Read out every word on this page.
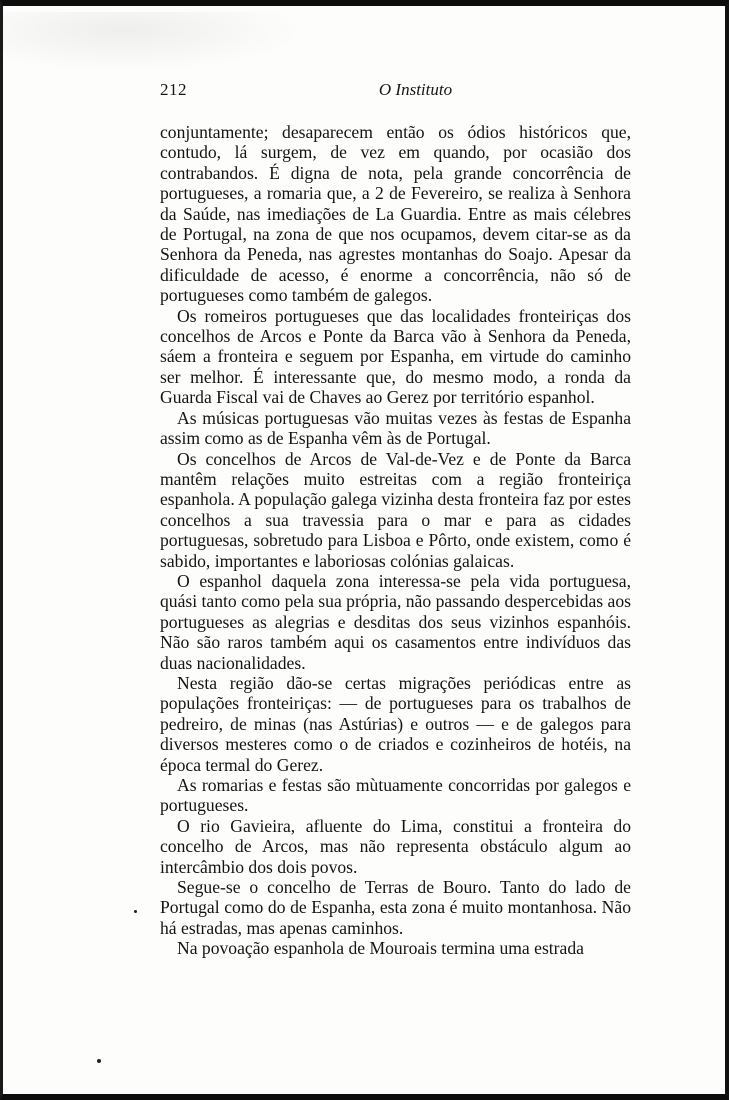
212	O Instituto

conjuntamente; desaparecem então os ódios históricos que, contudo, lá surgem, de vez em quando, por ocasião dos contrabandos. É digna de nota, pela grande concorrência de portugueses, a romaria que, a 2 de Fevereiro, se realiza à Senhora da Saúde, nas imediações de La Guardia. Entre as mais célebres de Portugal, na zona de que nos ocupamos, devem citar-se as da Senhora da Peneda, nas agrestes montanhas do Soajo. Apesar da dificuldade de acesso, é enorme a concorrência, não só de portugueses como também de galegos.

Os romeiros portugueses que das localidades fronteiriças dos concelhos de Arcos e Ponte da Barca vão à Senhora da Peneda, sáem a fronteira e seguem por Espanha, em virtude do caminho ser melhor. É interessante que, do mesmo modo, a ronda da Guarda Fiscal vai de Chaves ao Gerez por território espanhol.

As músicas portuguesas vão muitas vezes às festas de Espanha assim como as de Espanha vêm às de Portugal.

Os concelhos de Arcos de Val-de-Vez e de Ponte da Barca mantêm relações muito estreitas com a região fronteiriça espanhola. A população galega vizinha desta fronteira faz por estes concelhos a sua travessia para o mar e para as cidades portuguesas, sobretudo para Lisboa e Pôrto, onde existem, como é sabido, importantes e laboriosas colónias galaicas.

O espanhol daquela zona interessa-se pela vida portuguesa, quási tanto como pela sua própria, não passando despercebidas aos portugueses as alegrias e desditas dos seus vizinhos espanhóis. Não são raros também aqui os casamentos entre indivíduos das duas nacionalidades.

Nesta região dão-se certas migrações periódicas entre as populações fronteiriças: — de portugueses para os trabalhos de pedreiro, de minas (nas Astúrias) e outros — e de galegos para diversos mesteres como o de criados e cozinheiros de hotéis, na época termal do Gerez.

As romarias e festas são mùtuamente concorridas por galegos e portugueses.

O rio Gavieira, afluente do Lima, constitui a fronteira do concelho de Arcos, mas não representa obstáculo algum ao intercâmbio dos dois povos.

Segue-se o concelho de Terras de Bouro. Tanto do lado de Portugal como do de Espanha, esta zona é muito montanhosa. Não há estradas, mas apenas caminhos.

Na povoação espanhola de Mouroais termina uma estrada
